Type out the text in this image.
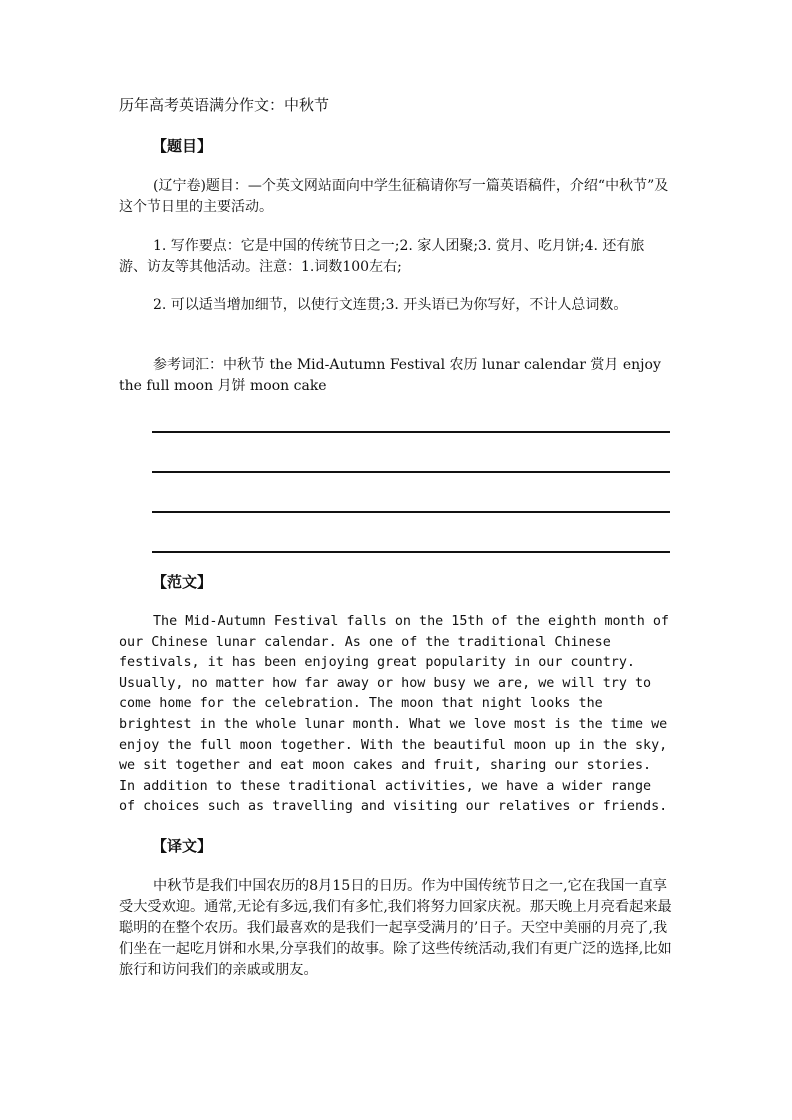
历年高考英语满分作文：中秋节
【题目】

(辽宁卷)题目：—个英文网站面向中学生征稿请你写一篇英语稿件，介绍“中秋节”及这个节日里的主要活动。

1. 写作要点：它是中国的传统节日之一;2. 家人团聚;3. 赏月、吃月饼;4. 还有旅游、访友等其他活动。注意：1.词数100左右;

2. 可以适当增加细节，以使行文连贯;3. 开头语已为你写好，不计人总词数。

参考词汇：中秋节 the Mid-Autumn Festival 农历 lunar calendar 赏月 enjoy the full moon 月饼 moon cake

【范文】

The Mid-Autumn Festival falls on the 15th of the eighth month of our Chinese lunar calendar. As one of the traditional Chinese festivals, it has been enjoying great popularity in our country. Usually, no matter how far away or how busy we are, we will try to come home for the celebration. The moon that night looks the brightest in the whole lunar month. What we love most is the time we enjoy the full moon together. With the beautiful moon up in the sky, we sit together and eat moon cakes and fruit, sharing our stories. In addition to these traditional activities, we have a wider range of choices such as travelling and visiting our relatives or friends.

【译文】

中秋节是我们中国农历的8月15日的日历。作为中国传统节日之一,它在我国一直享受大受欢迎。通常,无论有多远,我们有多忙,我们将努力回家庆祝。那天晚上月亮看起来最聪明的在整个农历。我们最喜欢的是我们一起享受满月的’日子。天空中美丽的月亮了,我们坐在一起吃月饼和水果,分享我们的故事。除了这些传统活动,我们有更广泛的选择,比如旅行和访问我们的亲戚或朋友。
